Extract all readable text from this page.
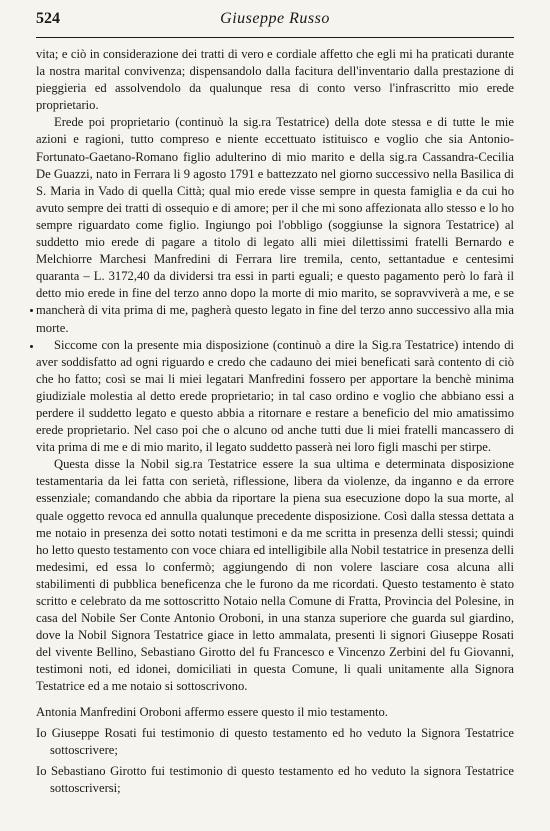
524	Giuseppe Russo

vita; e ciò in considerazione dei tratti di vero e cordiale affetto che egli mi ha praticati durante la nostra marital convivenza; dispensandolo dalla facitura dell'inventario dalla prestazione di pieggieria ed assolvendolo da qualunque resa di conto verso l'infrascritto mio erede proprietario.

Erede poi proprietario (continuò la sig.ra Testatrice) della dote stessa e di tutte le mie azioni e ragioni, tutto compreso e niente eccettuato istituisco e voglio che sia Antonio-Fortunato-Gaetano-Romano figlio adulterino di mio marito e della sig.ra Cassandra-Cecilia De Guazzi, nato in Ferrara li 9 agosto 1791 e battezzato nel giorno successivo nella Basilica di S. Maria in Vado di quella Città; qual mio erede visse sempre in questa famiglia e da cui ho avuto sempre dei tratti di ossequio e di amore; per il che mi sono affezionata allo stesso e lo ho sempre riguardato come figlio. Ingiungo poi l'obbligo (soggiunse la signora Testatrice) al suddetto mio erede di pagare a titolo di legato alli miei dilettissimi fratelli Bernardo e Melchiorre Marchesi Manfredini di Ferrara lire tremila, cento, settantadue e centesimi quaranta – L. 3172,40 da dividersi tra essi in parti eguali; e questo pagamento però lo farà il detto mio erede in fine del terzo anno dopo la morte di mio marito, se sopravviverà a me, e se mancherà di vita prima di me, pagherà questo legato in fine del terzo anno successivo alla mia morte.

Siccome con la presente mia disposizione (continuò a dire la Sig.ra Testatrice) intendo di aver soddisfatto ad ogni riguardo e credo che cadauno dei miei beneficati sarà contento di ciò che ho fatto; così se mai li miei legatari Manfredini fossero per apportare la benchè minima giudiziale molestia al detto erede proprietario; in tal caso ordino e voglio che abbiano essi a perdere il suddetto legato e questo abbia a ritornare e restare a beneficio del mio amatissimo erede proprietario. Nel caso poi che o alcuno od anche tutti due li miei fratelli mancassero di vita prima di me e di mio marito, il legato suddetto passerà nei loro figli maschi per stirpe.

Questa disse la Nobil sig.ra Testatrice essere la sua ultima e determinata disposizione testamentaria da lei fatta con serietà, riflessione, libera da violenze, da inganno e da errore essenziale; comandando che abbia da riportare la piena sua esecuzione dopo la sua morte, al quale oggetto revoca ed annulla qualunque precedente disposizione. Così dalla stessa dettata a me notaio in presenza dei sotto notati testimoni e da me scritta in presenza delli stessi; quindi ho letto questo testamento con voce chiara ed intelligibile alla Nobil testatrice in presenza delli medesimi, ed essa lo confermò; aggiungendo di non volere lasciare cosa alcuna alli stabilimenti di pubblica beneficenza che le furono da me ricordati. Questo testamento è stato scritto e celebrato da me sottoscritto Notaio nella Comune di Fratta, Provincia del Polesine, in casa del Nobile Ser Conte Antonio Oroboni, in una stanza superiore che guarda sul giardino, dove la Nobil Signora Testatrice giace in letto ammalata, presenti li signori Giuseppe Rosati del vivente Bellino, Sebastiano Girotto del fu Francesco e Vincenzo Zerbini del fu Giovanni, testimoni noti, ed idonei, domiciliati in questa Comune, li quali unitamente alla Signora Testatrice ed a me notaio si sottoscrivono.

Antonia Manfredini Oroboni affermo essere questo il mio testamento.

Io Giuseppe Rosati fui testimonio di questo testamento ed ho veduto la Signora Testatrice sottoscrivere;

Io Sebastiano Girotto fui testimonio di questo testamento ed ho veduto la signora Testatrice sottoscriversi;
